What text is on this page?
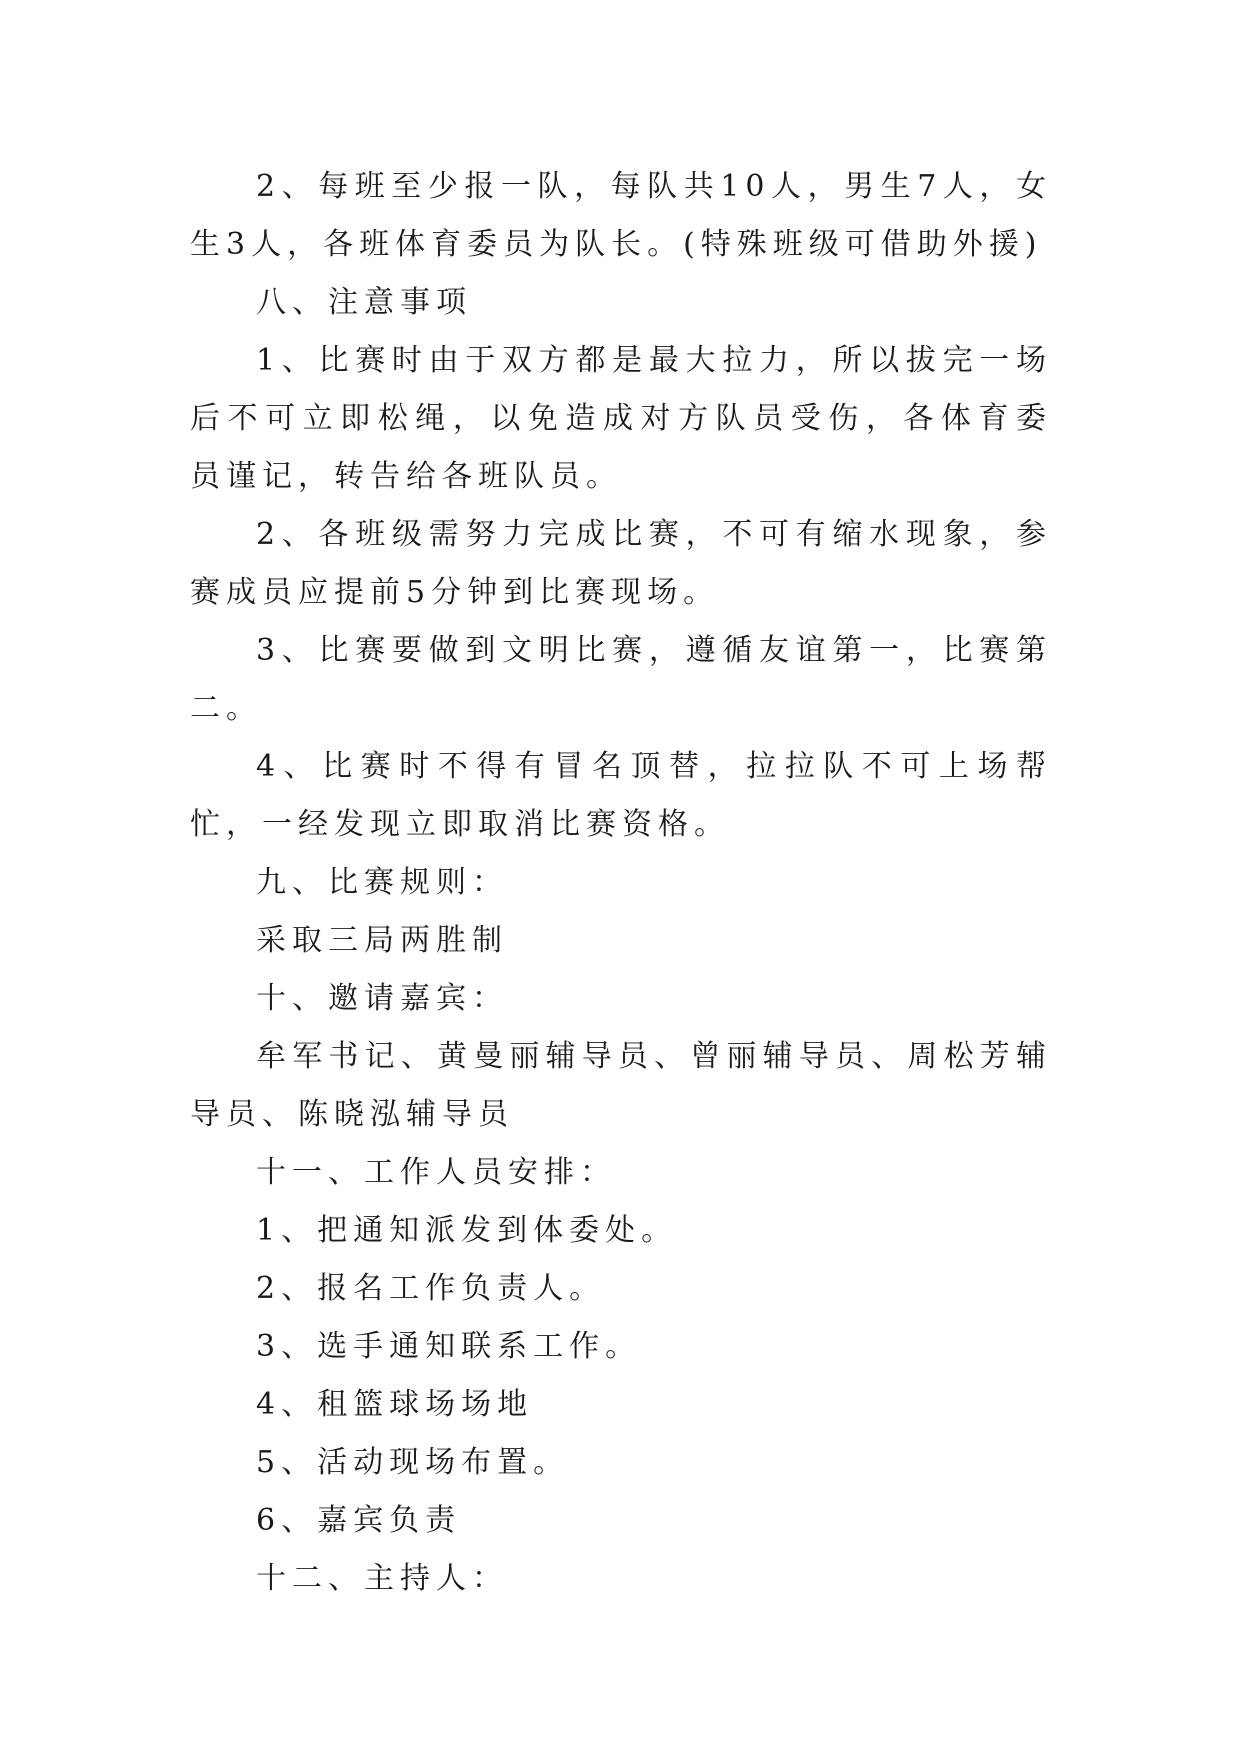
2、每班至少报一队，每队共10人，男生7人，女生3人，各班体育委员为队长。(特殊班级可借助外援)

八、注意事项

1、比赛时由于双方都是最大拉力，所以拔完一场后不可立即松绳，以免造成对方队员受伤，各体育委员谨记，转告给各班队员。

2、各班级需努力完成比赛，不可有缩水现象，参赛成员应提前5分钟到比赛现场。

3、比赛要做到文明比赛，遵循友谊第一，比赛第二。

4、比赛时不得有冒名顶替，拉拉队不可上场帮忙，一经发现立即取消比赛资格。

九、比赛规则：

采取三局两胜制

十、邀请嘉宾：

牟军书记、黄曼丽辅导员、曾丽辅导员、周松芳辅导员、陈晓泓辅导员

十一、工作人员安排：

1、把通知派发到体委处。

2、报名工作负责人。

3、选手通知联系工作。

4、租篮球场场地

5、活动现场布置。

6、嘉宾负责

十二、主持人：
